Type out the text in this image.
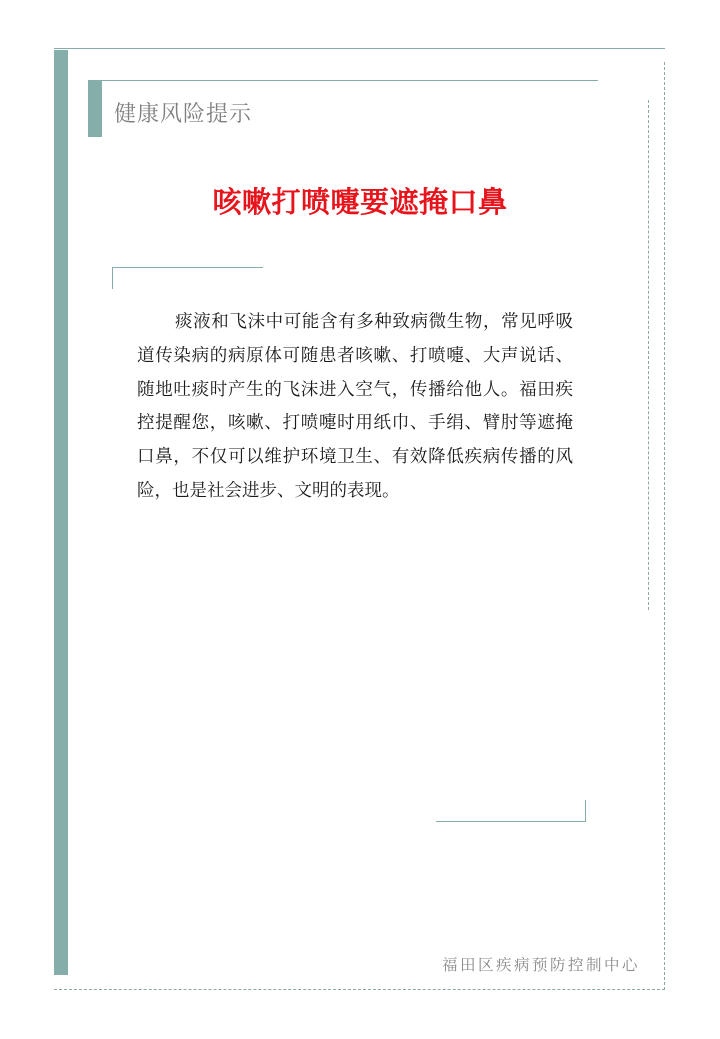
健康风险提示
咳嗽打喷嚏要遮掩口鼻
痰液和飞沫中可能含有多种致病微生物，常见呼吸道传染病的病原体可随患者咳嗽、打喷嚏、大声说话、随地吐痰时产生的飞沫进入空气，传播给他人。福田疾控提醒您，咳嗽、打喷嚏时用纸巾、手绢、臂肘等遮掩口鼻，不仅可以维护环境卫生、有效降低疾病传播的风险，也是社会进步、文明的表现。
福田区疾病预防控制中心
